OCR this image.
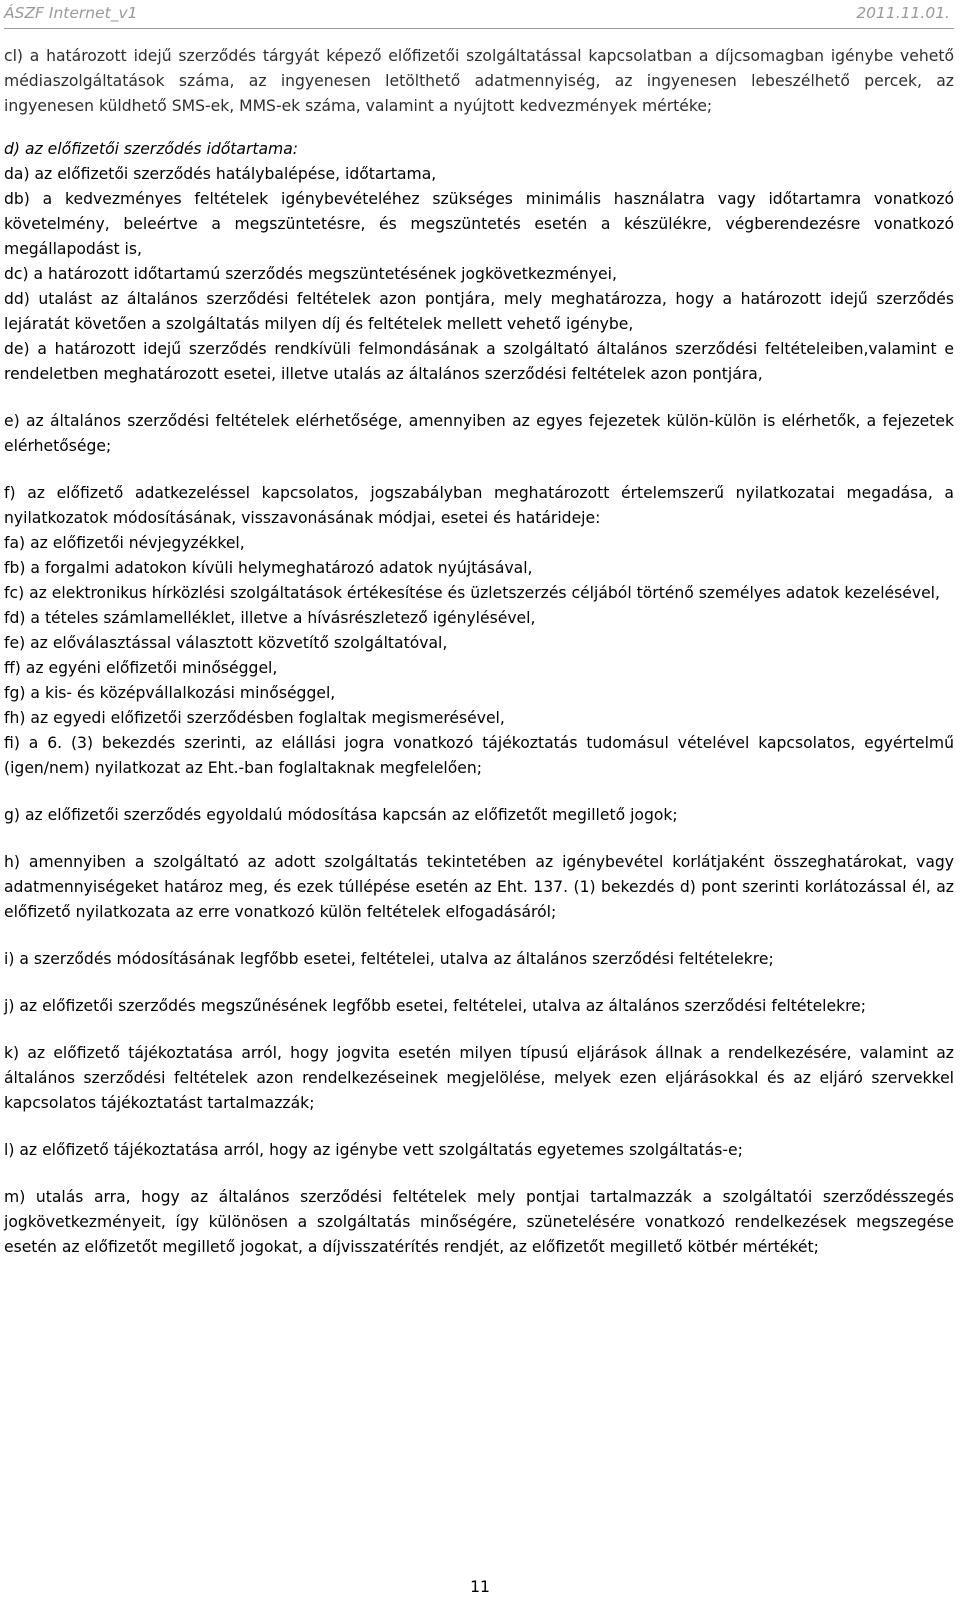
ÁSZF Internet_v1	2011.11.01.

cl) a határozott idejű szerződés tárgyát képező előfizetői szolgáltatással kapcsolatban a díjcsomagban igénybe vehető médiaszolgáltatások száma, az ingyenesen letölthető adatmennyiség, az ingyenesen lebeszélhető percek, az ingyenesen küldhető SMS-ek, MMS-ek száma, valamint a nyújtott kedvezmények mértéke;

d) az előfizetői szerződés időtartama:

da) az előfizetői szerződés hatálybalépése, időtartama,

db) a kedvezményes feltételek igénybevételéhez szükséges minimális használatra vagy időtartamra vonatkozó követelmény, beleértve a megszüntetésre, és megszüntetés esetén a készülékre, végberendezésre vonatkozó megállapodást is,

dc) a határozott időtartamú szerződés megszüntetésének jogkövetkezményei,

dd) utalást az általános szerződési feltételek azon pontjára, mely meghatározza, hogy a határozott idejű szerződés lejáratát követően a szolgáltatás milyen díj és feltételek mellett vehető igénybe,

de) a határozott idejű szerződés rendkívüli felmondásának a szolgáltató általános szerződési feltételeiben,valamint e rendeletben meghatározott esetei, illetve utalás az általános szerződési feltételek azon pontjára,

e) az általános szerződési feltételek elérhetősége, amennyiben az egyes fejezetek külön-külön is elérhetők, a fejezetek elérhetősége;

f) az előfizető adatkezeléssel kapcsolatos, jogszabályban meghatározott értelemszerű nyilatkozatai megadása, a nyilatkozatok módosításának, visszavonásának módjai, esetei és határideje:

fa) az előfizetői névjegyzékkel,

fb) a forgalmi adatokon kívüli helymeghatározó adatok nyújtásával,

fc) az elektronikus hírközlési szolgáltatások értékesítése és üzletszerzés céljából történő személyes adatok kezelésével,

fd) a tételes számlamelléklet, illetve a hívásrészletező igénylésével,

fe) az előválasztással választott közvetítő szolgáltatóval,

ff) az egyéni előfizetői minőséggel,

fg) a kis- és középvállalkozási minőséggel,

fh) az egyedi előfizetői szerződésben foglaltak megismerésével,

fi) a 6. (3) bekezdés szerinti, az elállási jogra vonatkozó tájékoztatás tudomásul vételével kapcsolatos, egyértelmű (igen/nem) nyilatkozat az Eht.-ban foglaltaknak megfelelően;

g) az előfizetői szerződés egyoldalú módosítása kapcsán az előfizetőt megillető jogok;

h) amennyiben a szolgáltató az adott szolgáltatás tekintetében az igénybevétel korlátjaként összeghatárokat, vagy adatmennyiségeket határoz meg, és ezek túllépése esetén az Eht. 137. (1) bekezdés d) pont szerinti korlátozással él, az előfizető nyilatkozata az erre vonatkozó külön feltételek elfogadásáról;

i) a szerződés módosításának legfőbb esetei, feltételei, utalva az általános szerződési feltételekre;

j) az előfizetői szerződés megszűnésének legfőbb esetei, feltételei, utalva az általános szerződési feltételekre;

k) az előfizető tájékoztatása arról, hogy jogvita esetén milyen típusú eljárások állnak a rendelkezésére, valamint az általános szerződési feltételek azon rendelkezéseinek megjelölése, melyek ezen eljárásokkal és az eljáró szervekkel kapcsolatos tájékoztatást tartalmazzák;

l) az előfizető tájékoztatása arról, hogy az igénybe vett szolgáltatás egyetemes szolgáltatás-e;

m) utalás arra, hogy az általános szerződési feltételek mely pontjai tartalmazzák a szolgáltatói szerződésszegés jogkövetkezményeit, így különösen a szolgáltatás minőségére, szünetelésére vonatkozó rendelkezések megszegése esetén az előfizetőt megillető jogokat, a díjvisszatérítés rendjét, az előfizetőt megillető kötbér mértékét;

11
